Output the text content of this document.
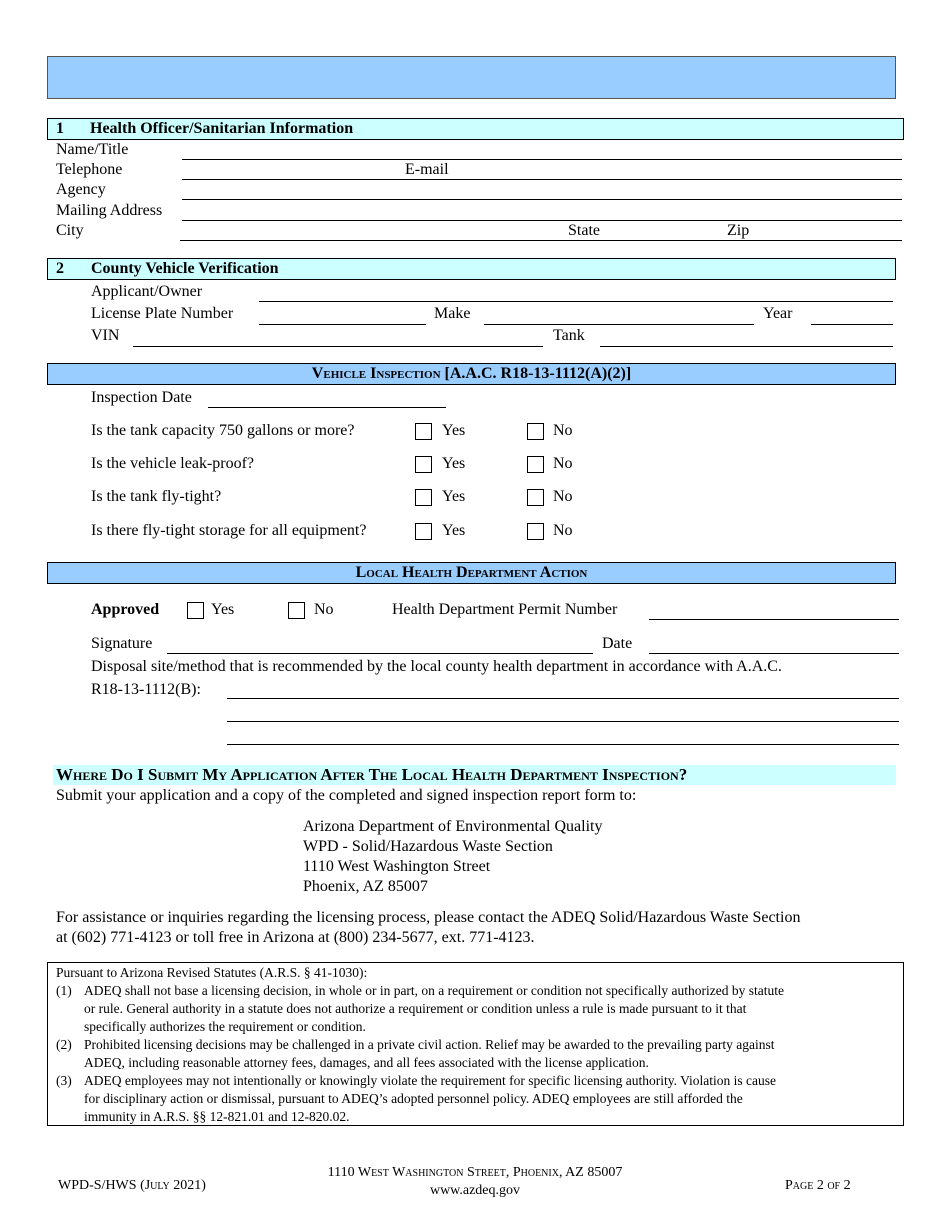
1 Health Officer/Sanitarian Information
Name/Title
Telephone	E-mail
Agency
Mailing Address
City	State	Zip
2 County Vehicle Verification
Applicant/Owner
License Plate Number	Make	Year
VIN	Tank
Vehicle Inspection [A.A.C. R18-13-1112(A)(2)]
Inspection Date
Is the tank capacity 750 gallons or more?	Yes	No
Is the vehicle leak-proof?	Yes	No
Is the tank fly-tight?	Yes	No
Is there fly-tight storage for all equipment?	Yes	No
Local Health Department Action
Approved	Yes	No	Health Department Permit Number
Signature	Date
Disposal site/method that is recommended by the local county health department in accordance with A.A.C.
R18-13-1112(B):
Where Do I Submit My Application After The Local Health Department Inspection?
Submit your application and a copy of the completed and signed inspection report form to:
Arizona Department of Environmental Quality
WPD - Solid/Hazardous Waste Section
1110 West Washington Street
Phoenix, AZ 85007
For assistance or inquiries regarding the licensing process, please contact the ADEQ Solid/Hazardous Waste Section
at (602) 771-4123 or toll free in Arizona at (800) 234-5677, ext. 771-4123.
Pursuant to Arizona Revised Statutes (A.R.S. § 41-1030):
(1) ADEQ shall not base a licensing decision, in whole or in part, on a requirement or condition not specifically authorized by statute
or rule. General authority in a statute does not authorize a requirement or condition unless a rule is made pursuant to it that
specifically authorizes the requirement or condition.
(2) Prohibited licensing decisions may be challenged in a private civil action. Relief may be awarded to the prevailing party against
ADEQ, including reasonable attorney fees, damages, and all fees associated with the license application.
(3) ADEQ employees may not intentionally or knowingly violate the requirement for specific licensing authority. Violation is cause
for disciplinary action or dismissal, pursuant to ADEQ’s adopted personnel policy. ADEQ employees are still afforded the
immunity in A.R.S. §§ 12-821.01 and 12-820.02.
WPD-S/HWS (July 2021)
1110 West Washington Street, Phoenix, AZ 85007
www.azdeq.gov	Page 2 of 2
